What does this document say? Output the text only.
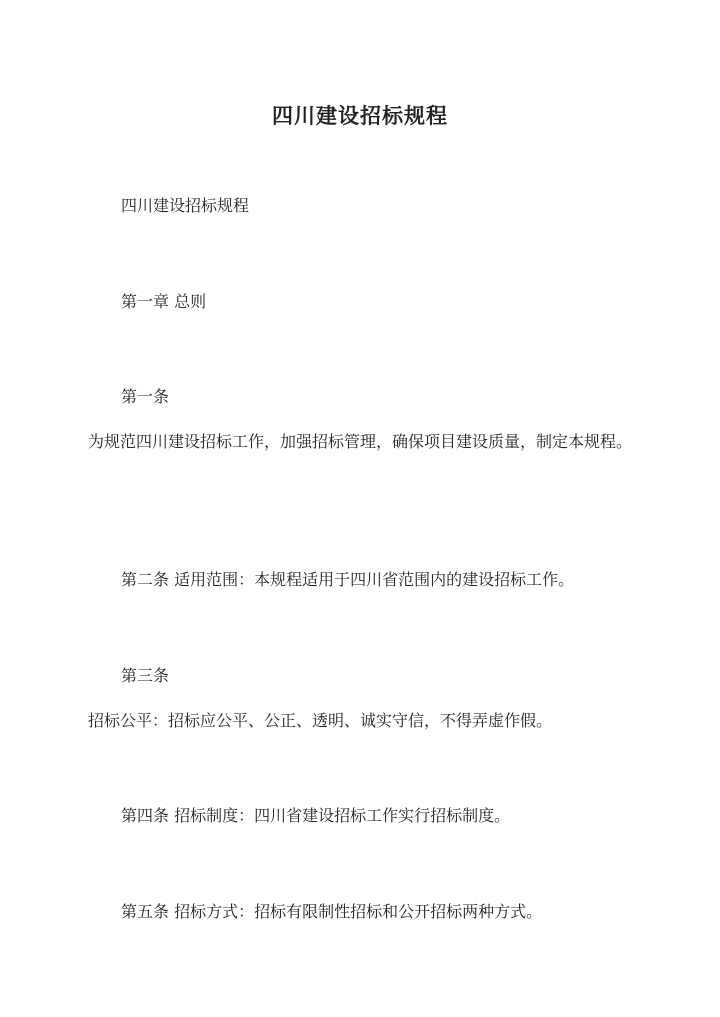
四川建设招标规程

四川建设招标规程

第一章 总则

第一条

为规范四川建设招标工作，加强招标管理，确保项目建设质量，制定本规程。

第二条 适用范围：本规程适用于四川省范围内的建设招标工作。

第三条

招标公平：招标应公平、公正、透明、诚实守信，不得弄虚作假。

第四条 招标制度：四川省建设招标工作实行招标制度。

第五条 招标方式：招标有限制性招标和公开招标两种方式。
